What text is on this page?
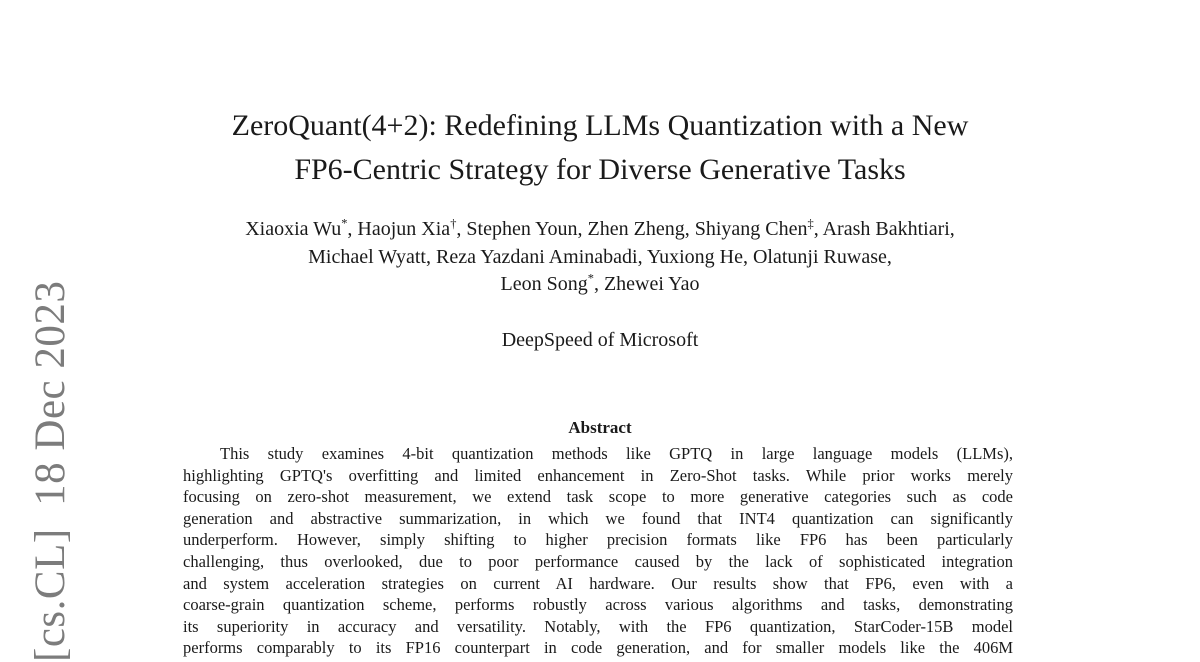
[cs.CL]  18 Dec 2023
ZeroQuant(4+2): Redefining LLMs Quantization with a New
FP6-Centric Strategy for Diverse Generative Tasks
Xiaoxia Wu*, Haojun Xia†, Stephen Youn, Zhen Zheng, Shiyang Chen‡, Arash Bakhtiari,
Michael Wyatt, Reza Yazdani Aminabadi, Yuxiong He, Olatunji Ruwase,
Leon Song*, Zhewei Yao
DeepSpeed of Microsoft
Abstract
This study examines 4-bit quantization methods like GPTQ in large language models (LLMs),
highlighting GPTQ's overfitting and limited enhancement in Zero-Shot tasks. While prior works merely
focusing on zero-shot measurement, we extend task scope to more generative categories such as code
generation and abstractive summarization, in which we found that INT4 quantization can significantly
underperform. However, simply shifting to higher precision formats like FP6 has been particularly
challenging, thus overlooked, due to poor performance caused by the lack of sophisticated integration
and system acceleration strategies on current AI hardware. Our results show that FP6, even with a
coarse-grain quantization scheme, performs robustly across various algorithms and tasks, demonstrating
its superiority in accuracy and versatility. Notably, with the FP6 quantization, StarCoder-15B model
performs comparably to its FP16 counterpart in code generation, and for smaller models like the 406M
